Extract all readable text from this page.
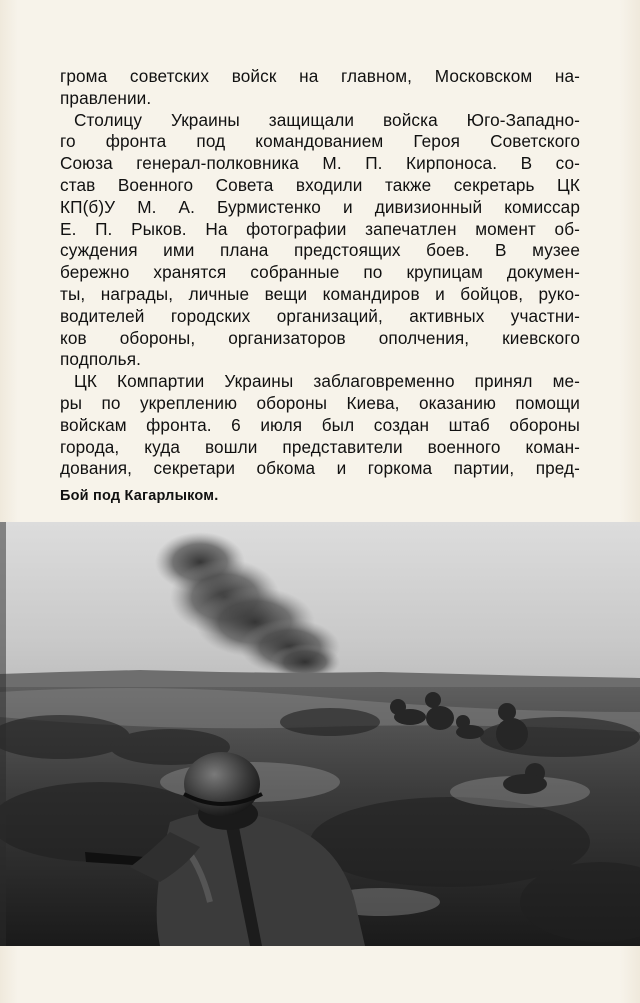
грома советских войск на главном, Московском на-
правлении.
Столицу Украины защищали войска Юго-Западно-
го фронта под командованием Героя Советского
Союза генерал-полковника М. П. Кирпоноса. В со-
став Военного Совета входили также секретарь ЦК
КП(б)У М. А. Бурмистенко и дивизионный комиссар
Е. П. Рыков. На фотографии запечатлен момент об-
суждения ими плана предстоящих боев. В музее
бережно хранятся собранные по крупицам докумен-
ты, награды, личные вещи командиров и бойцов, руко-
водителей городских организаций, активных участни-
ков обороны, организаторов ополчения, киевского
подполья.
ЦК Компартии Украины заблаговременно принял ме-
ры по укреплению обороны Киева, оказанию помощи
войскам фронта. 6 июля был создан штаб обороны
города, куда вошли представители военного коман-
дования, секретари обкома и горкома партии, пред-
Бой под Кагарлыком.
